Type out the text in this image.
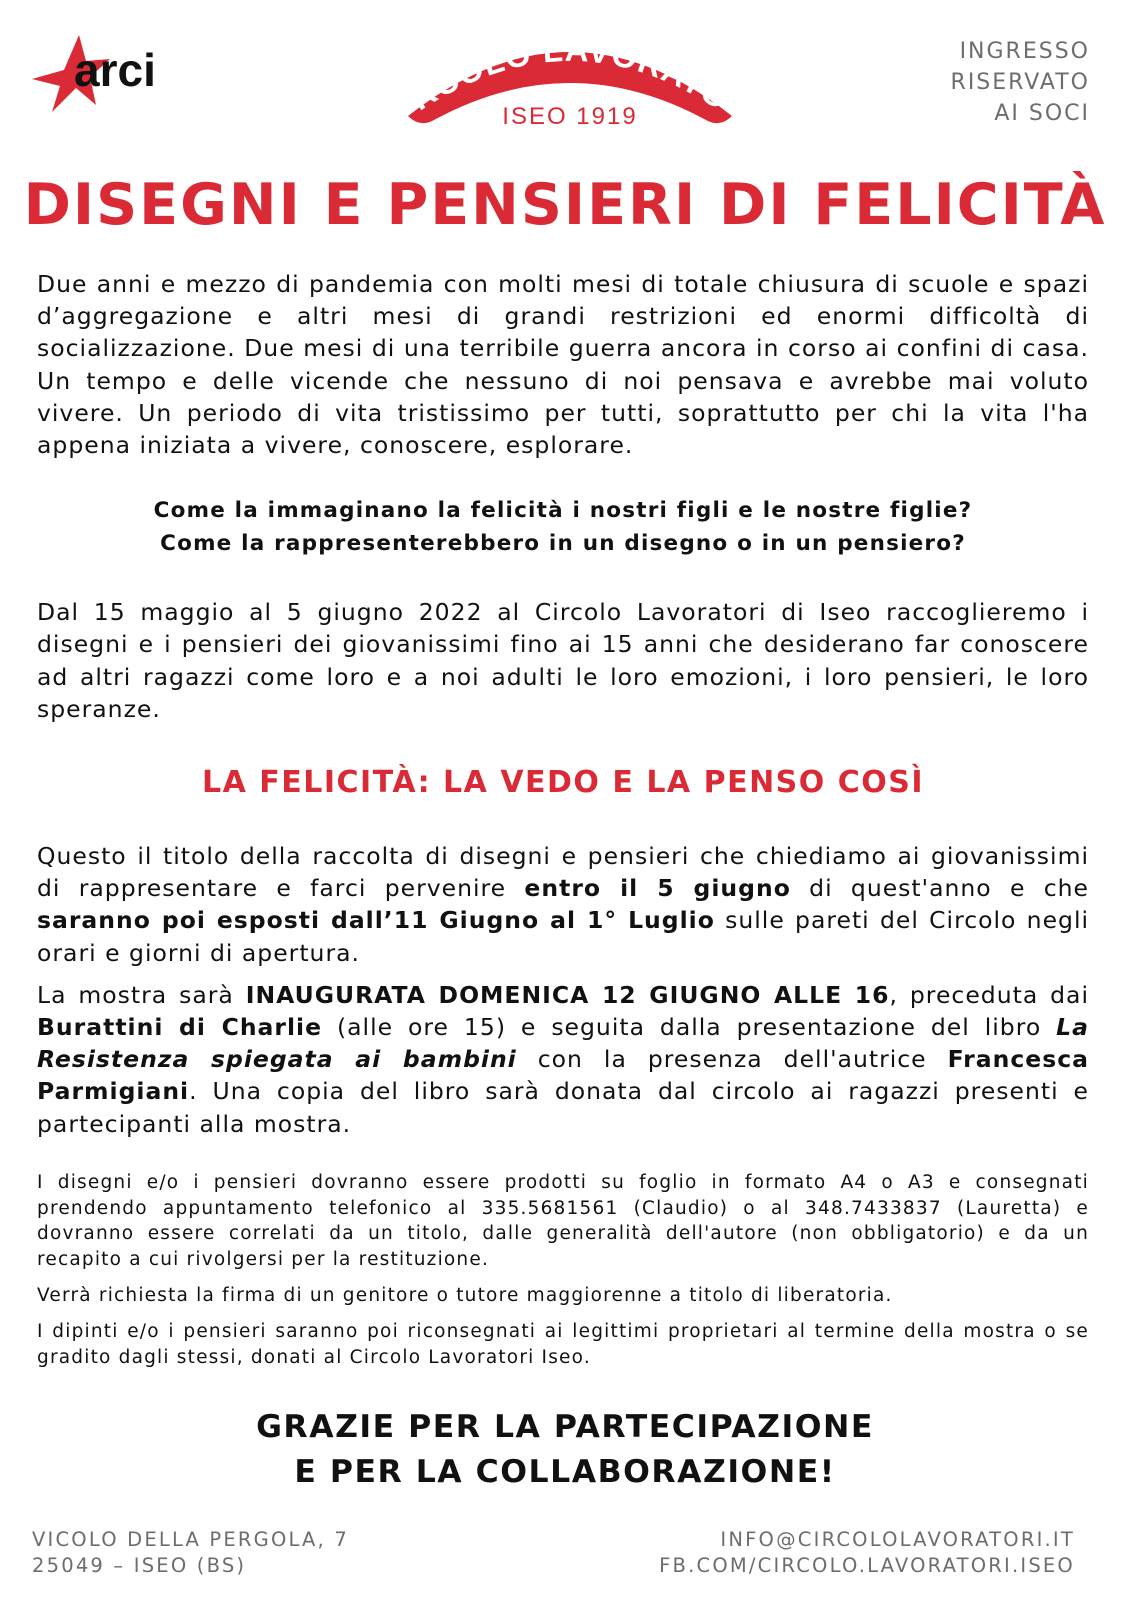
arci	RCOLO LAVORATO
ISEO 1919
INGRESSO
RISERVATO
AI SOCI
DISEGNI E PENSIERI DI FELICITÀ

Due anni e mezzo di pandemia con molti mesi di totale chiusura di scuole e spazi d’aggregazione e altri mesi di grandi restrizioni ed enormi difficoltà di socializzazione. Due mesi di una terribile guerra ancora in corso ai confini di casa. Un tempo e delle vicende che nessuno di noi pensava e avrebbe mai voluto vivere. Un periodo di vita tristissimo per tutti, soprattutto per chi la vita l'ha appena iniziata a vivere, conoscere, esplorare.

Come la immaginano la felicità i nostri figli e le nostre figlie?

Come la rappresenterebbero in un disegno o in un pensiero?

Dal 15 maggio al 5 giugno 2022 al Circolo Lavoratori di Iseo raccoglieremo i disegni e i pensieri dei giovanissimi fino ai 15 anni che desiderano far conoscere ad altri ragazzi come loro e a noi adulti le loro emozioni, i loro pensieri, le loro speranze.

LA FELICITÀ: LA VEDO E LA PENSO COSÌ

Questo il titolo della raccolta di disegni e pensieri che chiediamo ai giovanissimi di rappresentare e farci pervenire entro il 5 giugno di quest'anno e che saranno poi esposti dall’11 Giugno al 1° Luglio sulle pareti del Circolo negli orari e giorni di apertura.

La mostra sarà INAUGURATA DOMENICA 12 GIUGNO ALLE 16, preceduta dai Burattini di Charlie (alle ore 15) e seguita dalla presentazione del libro La Resistenza spiegata ai bambini con la presenza dell'autrice Francesca Parmigiani. Una copia del libro sarà donata dal circolo ai ragazzi presenti e partecipanti alla mostra.

I disegni e/o i pensieri dovranno essere prodotti su foglio in formato A4 o A3 e consegnati prendendo appuntamento telefonico al 335.5681561 (Claudio) o al 348.7433837 (Lauretta) e dovranno essere correlati da un titolo, dalle generalità dell'autore (non obbligatorio) e da un recapito a cui rivolgersi per la restituzione.

Verrà richiesta la firma di un genitore o tutore maggiorenne a titolo di liberatoria.

I dipinti e/o i pensieri saranno poi riconsegnati ai legittimi proprietari al termine della mostra o se gradito dagli stessi, donati al Circolo Lavoratori Iseo.

GRAZIE PER LA PARTECIPAZIONE
E PER LA COLLABORAZIONE!
VICOLO DELLA PERGOLA, 7
25049 – ISEO (BS)
INFO@CIRCOLOLAVORATORI.IT
FB.COM/CIRCOLO.LAVORATORI.ISEO
